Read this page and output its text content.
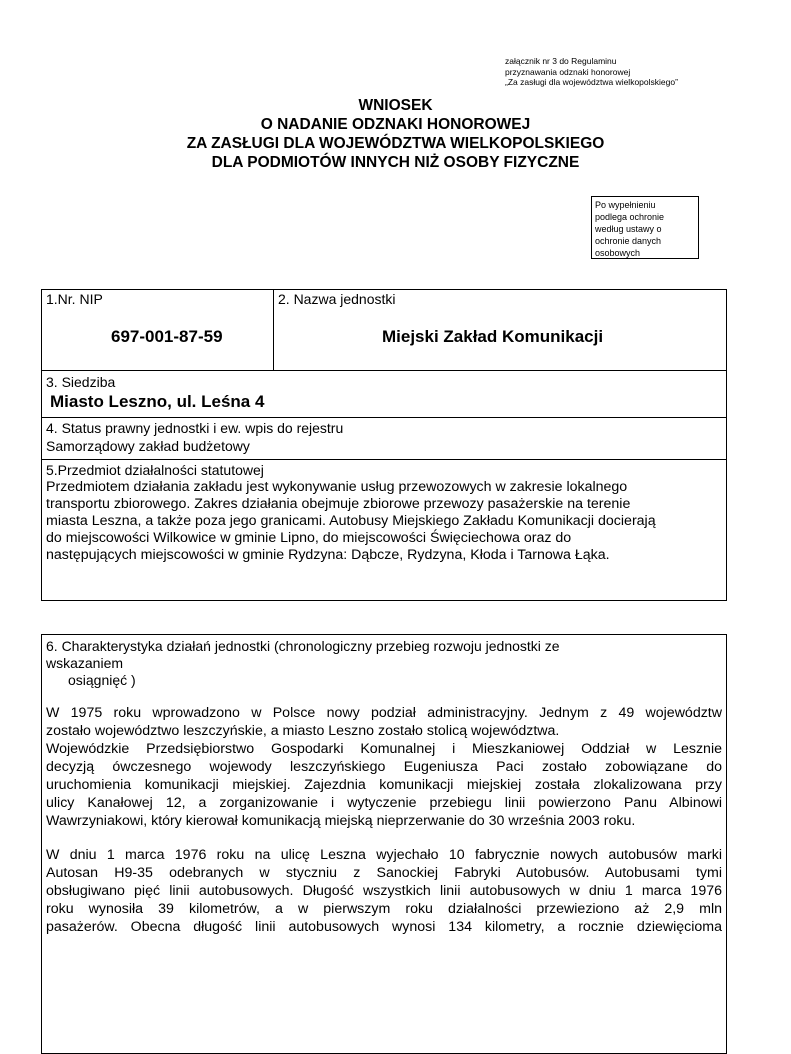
załącznik nr 3 do Regulaminu
przyznawania odznaki honorowej
„Za zasługi dla województwa wielkopolskiego”
WNIOSEK
O NADANIE ODZNAKI HONOROWEJ
ZA ZASŁUGI DLA WOJEWÓDZTWA WIELKOPOLSKIEGO
DLA PODMIOTÓW INNYCH NIŻ OSOBY FIZYCZNE
Po wypełnieniu
podlega ochronie
według ustawy o
ochronie danych
osobowych
1.Nr. NIP
697-001-87-59
2. Nazwa jednostki
Miejski Zakład Komunikacji
3. Siedziba
Miasto Leszno, ul. Leśna 4
4. Status prawny jednostki i ew. wpis do rejestru
Samorządowy zakład budżetowy
5.Przedmiot działalności statutowej
Przedmiotem działania zakładu jest wykonywanie usług przewozowych w zakresie lokalnego
transportu zbiorowego. Zakres działania obejmuje zbiorowe przewozy pasażerskie na terenie
miasta Leszna, a także poza jego granicami. Autobusy Miejskiego Zakładu Komunikacji docierają
do miejscowości Wilkowice w gminie Lipno, do miejscowości Święciechowa oraz do
następujących miejscowości w gminie Rydzyna: Dąbcze, Rydzyna, Kłoda i Tarnowa Łąka.
6. Charakterystyka działań jednostki (chronologiczny przebieg rozwoju jednostki ze
wskazaniem
osiągnięć )

W 1975 roku wprowadzono w Polsce nowy podział administracyjny. Jednym z 49 województw

zostało województwo leszczyńskie, a miasto Leszno zostało stolicą województwa.

Wojewódzkie Przedsiębiorstwo Gospodarki Komunalnej i Mieszkaniowej Oddział w Lesznie

decyzją ówczesnego wojewody leszczyńskiego Eugeniusza Paci zostało zobowiązane do

uruchomienia komunikacji miejskiej. Zajezdnia komunikacji miejskiej została zlokalizowana przy

ulicy Kanałowej 12, a zorganizowanie i wytyczenie przebiegu linii powierzono Panu Albinowi

Wawrzyniakowi, który kierował komunikacją miejską nieprzerwanie do 30 września 2003 roku.

W dniu 1 marca 1976 roku na ulicę Leszna wyjechało 10 fabrycznie nowych autobusów marki

Autosan H9-35 odebranych w styczniu z Sanockiej Fabryki Autobusów. Autobusami tymi

obsługiwano pięć linii autobusowych. Długość wszystkich linii autobusowych w dniu 1 marca 1976

roku wynosiła 39 kilometrów, a w pierwszym roku działalności przewieziono aż 2,9 mln

pasażerów. Obecna długość linii autobusowych wynosi 134 kilometry, a rocznie dziewięcioma
